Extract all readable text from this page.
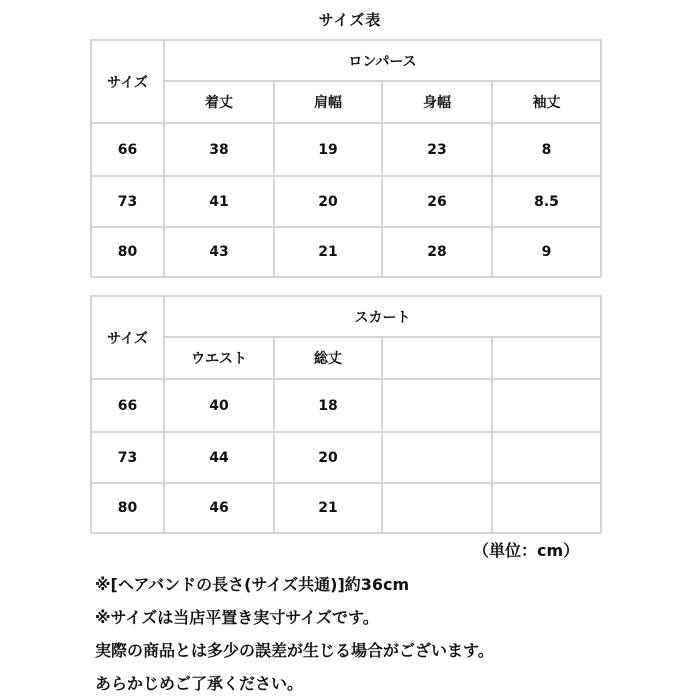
サイズ表
サイズ	ロンパース			
	着丈	肩幅	身幅	袖丈
66	38	19	23	8
73	41	20	26	8.5
80	43	21	28	9
サイズ	スカート			
	ウエスト	総丈		
66	40	18		
73	44	20		
80	46	21		
（単位：cm）
※[ヘアバンドの長さ(サイズ共通)]約36cm
※サイズは当店平置き実寸サイズです。
実際の商品とは多少の誤差が生じる場合がございます。
あらかじめご了承ください。
